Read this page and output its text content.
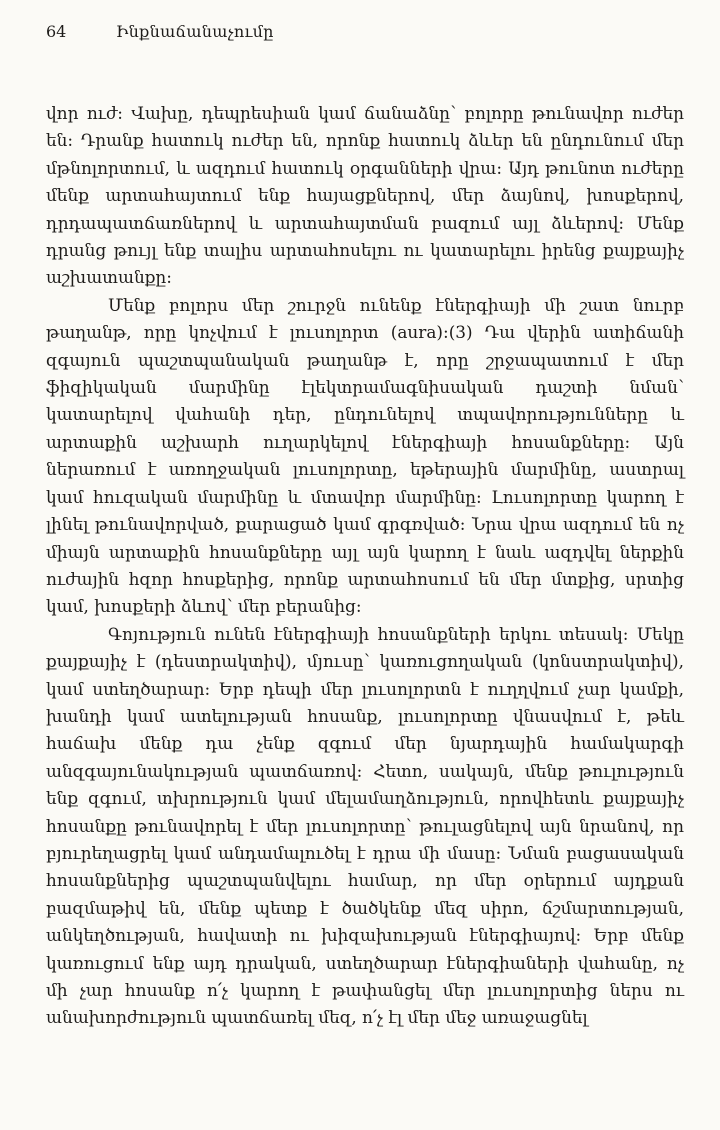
64	Ինքնաճանաչումը

վոր ուժ: Վախը, դեպրեսիան կամ ճանաձնը՝ բոլորը թունավոր ուժեր են: Դրանք հատուկ ուժեր են, որոնք հատուկ ձևեր են ընդունում մեր մթնոլորտում, և ազդում հատուկ օրգանների վրա: Այդ թունոտ ուժերը մենք արտահայտում ենք հայացքներով, մեր ձայնով, խոսքերով, դրդապատճառներով և արտահայտման բազում այլ ձևերով: Մենք դրանց թույլ ենք տալիս արտահոսելու ու կատարելու իրենց քայքայիչ աշխատանքը:

Մենք բոլորս մեր շուրջն ունենք էներգիայի մի շատ նուրբ թաղանթ, որը կոչվում է լուսոլորտ (aura):(3) Դա վերին ատիճանի զգայուն պաշտպանական թաղանթ է, որը շրջապատում է մեր ֆիզիկական մարմինը էլեկտրամագնիսական դաշտի նման՝ կատարելով վահանի դեր, ընդունելով տպավորությունները և արտաքին աշխարհ ուղարկելով էներգիայի հոսանքները: Այն ներառում է առողջական լուսոլորտը, եթերային մարմինը, աստրալ կամ հուզական մարմինը և մտավոր մարմինը: Լուսոլորտը կարող է լինել թունավորված, քարացած կամ գրգռված: Նրա վրա ազդում են ոչ միայն արտաքին հոսանքները այլ այն կարող է նաև ազդվել ներքին ուժային հզոր հոսքերից, որոնք արտահոսում են մեր մտքից, սրտից կամ, խոսքերի ձևով՝ մեր բերանից:

Գոյություն ունեն էներգիայի հոսանքների երկու տեսակ: Մեկը քայքայիչ է (դեստրակտիվ), մյուսը՝ կառուցողական (կոնստրակտիվ), կամ ստեղծարար: Երբ դեպի մեր լուսոլորտն է ուղղվում չար կամքի, խանդի կամ ատելության հոսանք, լուսոլորտը վնասվում է, թեև հաճախ մենք դա չենք զգում մեր նյարդային համակարգի անզգայունակության պատճառով: Հետո, սակայն, մենք թուլություն ենք զգում, տխրություն կամ մելամաղձություն, որովհետև քայքայիչ հոսանքը թունավորել է մեր լուսոլորտը՝ թուլացնելով այն նրանով, որ բյուրեղացրել կամ անդամալուծել է դրա մի մասը: Նման բացասական հոսանքներից պաշտպանվելու համար, որ մեր օրերում այդքան բազմաթիվ են, մենք պետք է ծածկենք մեզ սիրո, ճշմարտության, անկեղծության, հավատի ու խիզախության էներգիայով: Երբ մենք կառուցում ենք այդ դրական, ստեղծարար էներգիաների վահանը, ոչ մի չար հոսանք ո՛չ կարող է թափանցել մեր լուսոլորտից ներս ու անախորժություն պատճառել մեզ, ո՛չ էլ մեր մեջ առաջացնել
